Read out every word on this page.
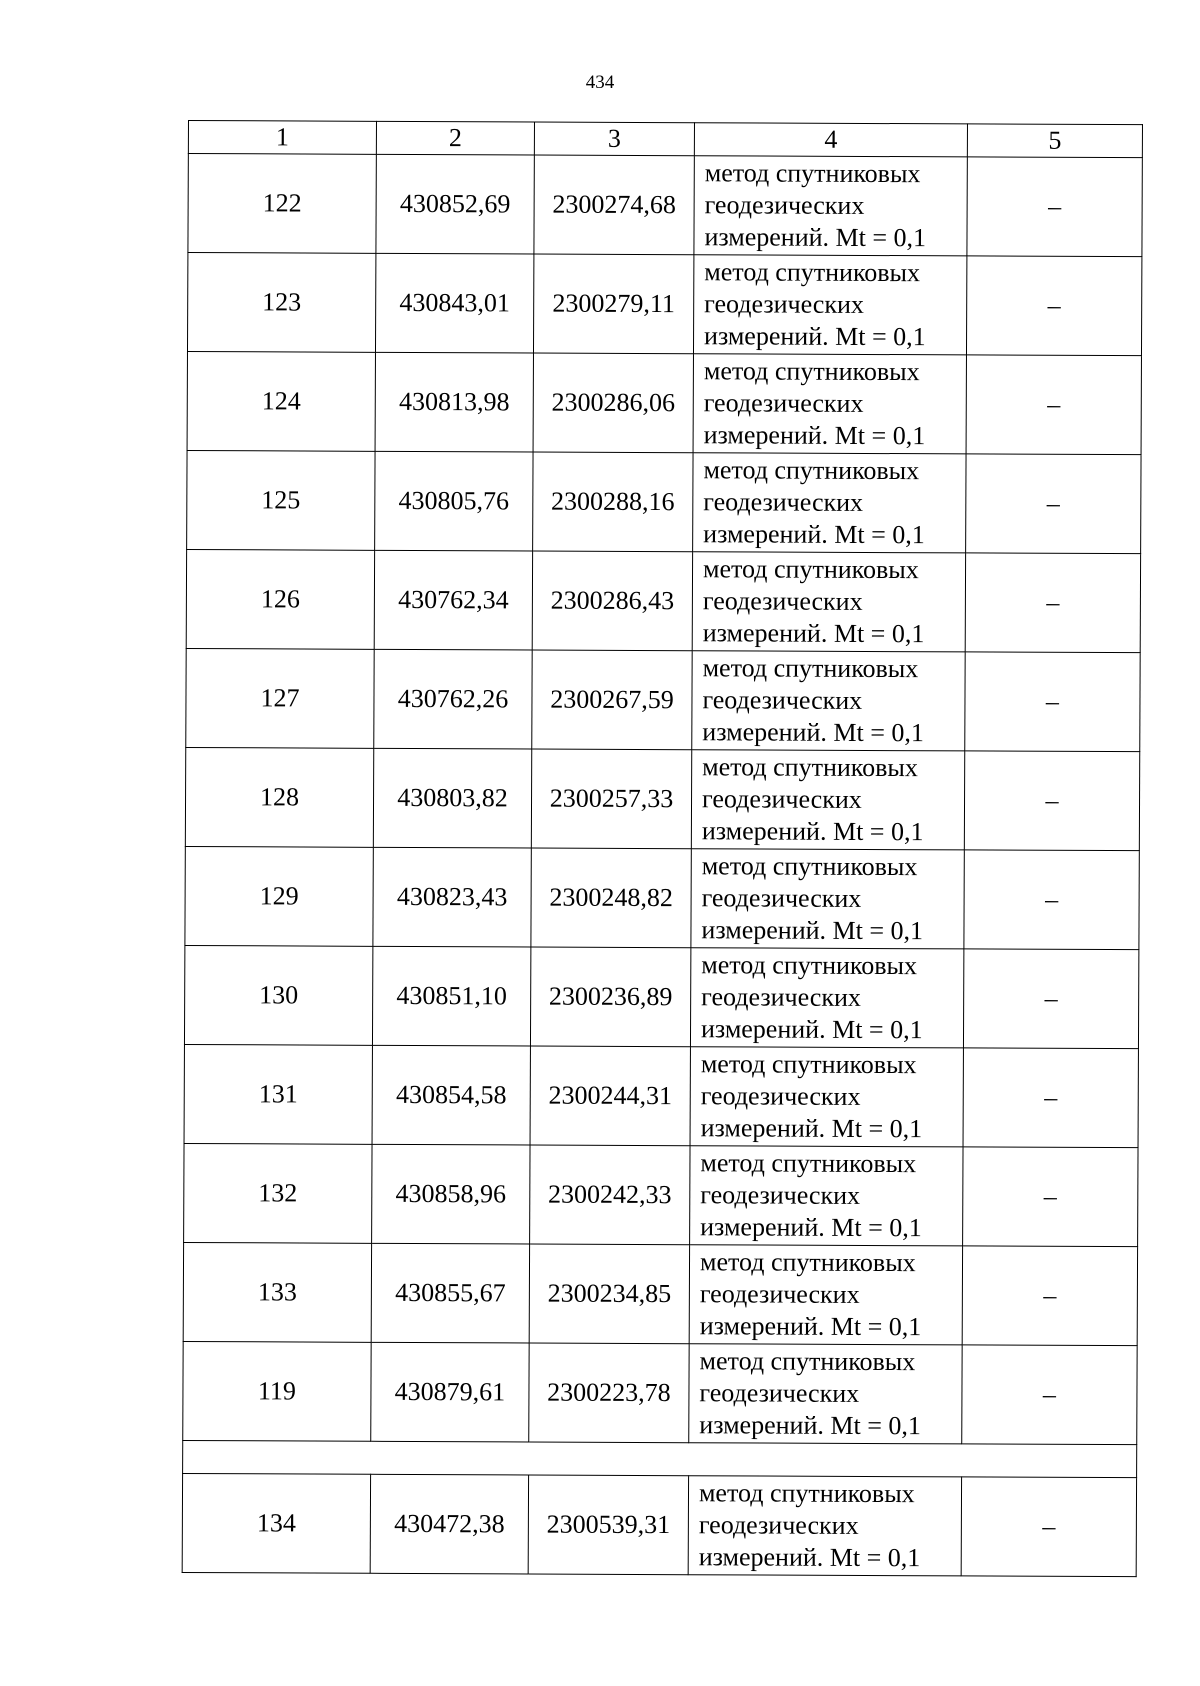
434
1	2	3	4	5
122	430852,69	2300274,68	метод спутниковых
геодезических
измерений. Mt = 0,1	–
123	430843,01	2300279,11	метод спутниковых
геодезических
измерений. Mt = 0,1	–
124	430813,98	2300286,06	метод спутниковых
геодезических
измерений. Mt = 0,1	–
125	430805,76	2300288,16	метод спутниковых
геодезических
измерений. Mt = 0,1	–
126	430762,34	2300286,43	метод спутниковых
геодезических
измерений. Mt = 0,1	–
127	430762,26	2300267,59	метод спутниковых
геодезических
измерений. Mt = 0,1	–
128	430803,82	2300257,33	метод спутниковых
геодезических
измерений. Mt = 0,1	–
129	430823,43	2300248,82	метод спутниковых
геодезических
измерений. Mt = 0,1	–
130	430851,10	2300236,89	метод спутниковых
геодезических
измерений. Mt = 0,1	–
131	430854,58	2300244,31	метод спутниковых
геодезических
измерений. Mt = 0,1	–
132	430858,96	2300242,33	метод спутниковых
геодезических
измерений. Mt = 0,1	–
133	430855,67	2300234,85	метод спутниковых
геодезических
измерений. Mt = 0,1	–
119	430879,61	2300223,78	метод спутниковых
геодезических
измерений. Mt = 0,1	–

134	430472,38	2300539,31	метод спутниковых
геодезических
измерений. Mt = 0,1	–
